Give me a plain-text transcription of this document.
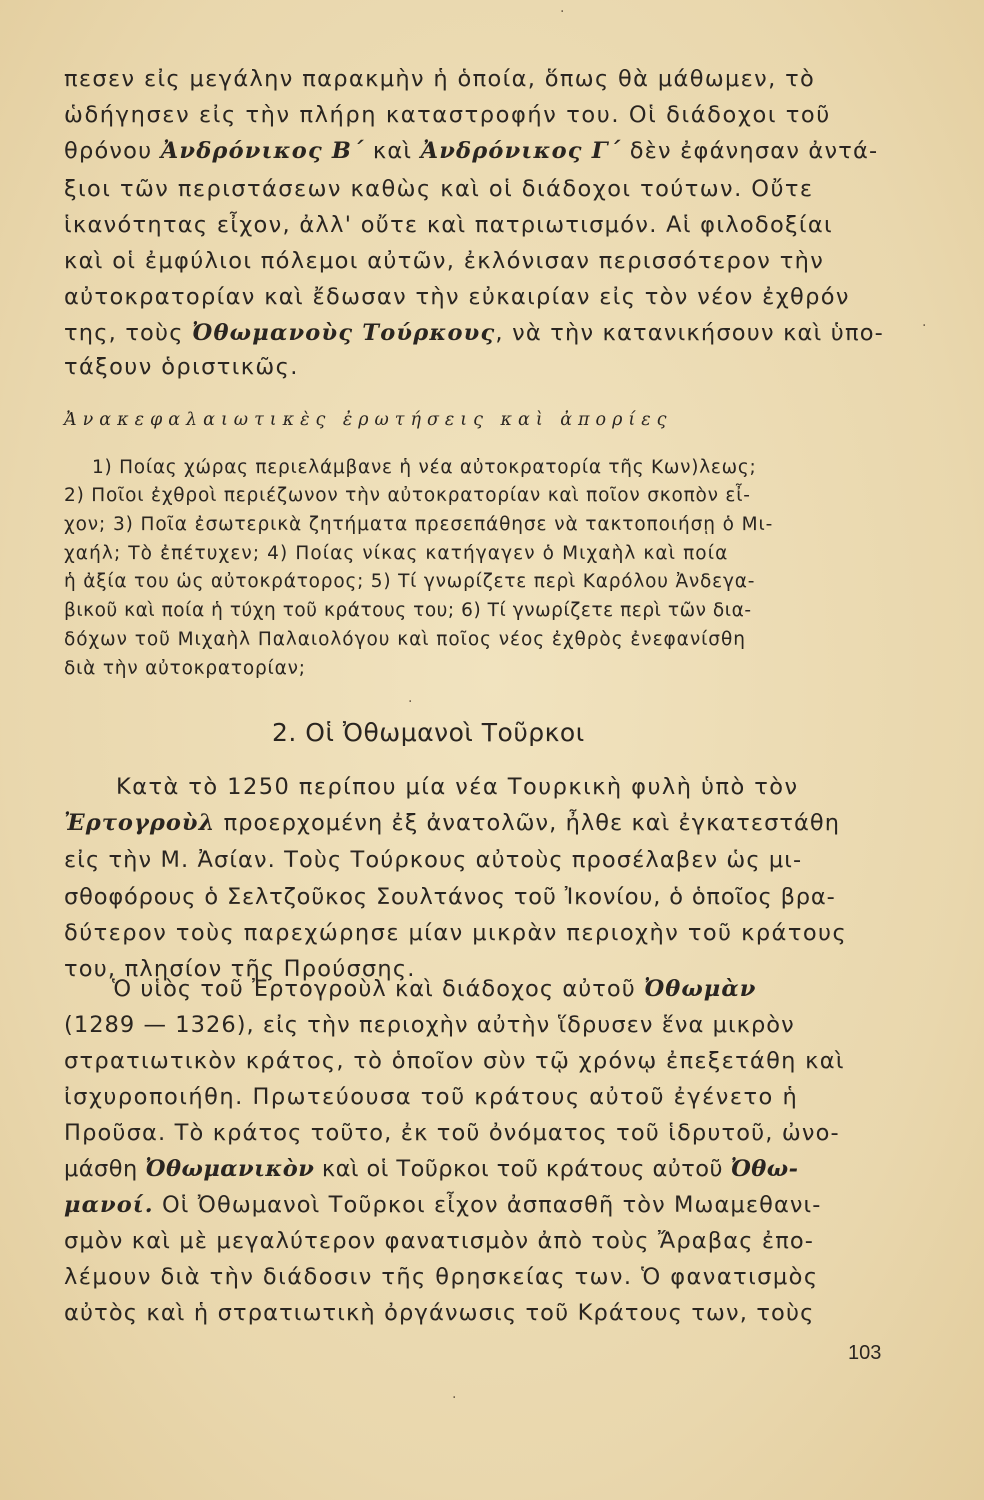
πεσεν εἰς μεγάλην παρακμὴν ἡ ὁποία, ὅπως θὰ μάθωμεν, τὸ
ὡδήγησεν εἰς τὴν πλήρη καταστροφήν του. Οἱ διάδοχοι τοῦ
θρόνου Ἀνδρόνικος Β΄ καὶ Ἀνδρόνικος Γ΄ δὲν ἐφάνησαν ἀντά-
ξιοι τῶν περιστάσεων καθὼς καὶ οἱ διάδοχοι τούτων. Οὔτε
ἱκανότητας εἶχον, ἀλλ' οὔτε καὶ πατριωτισμόν. Αἱ φιλοδοξίαι
καὶ οἱ ἐμφύλιοι πόλεμοι αὐτῶν, ἐκλόνισαν περισσότερον τὴν
αὐτοκρατορίαν καὶ ἔδωσαν τὴν εὐκαιρίαν εἰς τὸν νέον ἐχθρόν
της, τοὺς Ὀθωμανοὺς Τούρκους, νὰ τὴν κατανικήσουν καὶ ὑπο-
τάξουν ὁριστικῶς.
Ἀνακεφαλαιωτικὲς ἐρωτήσεις καὶ ἀπορίες
1) Ποίας χώρας περιελάμβανε ἡ νέα αὐτοκρατορία τῆς Κων)λεως;
2) Ποῖοι ἐχθροὶ περιέζωνον τὴν αὐτοκρατορίαν καὶ ποῖον σκοπὸν εἶ-
χον; 3) Ποῖα ἐσωτερικὰ ζητήματα πρεσεπάθησε νὰ τακτοποιήσῃ ὁ Μι-
χαήλ; Τὸ ἐπέτυχεν; 4) Ποίας νίκας κατήγαγεν ὁ Μιχαὴλ καὶ ποία
ἡ ἀξία του ὡς αὐτοκράτορος; 5) Τί γνωρίζετε περὶ Καρόλου Ἀνδεγα-
βικοῦ καὶ ποία ἡ τύχη τοῦ κράτους του; 6) Τί γνωρίζετε περὶ τῶν δια-
δόχων τοῦ Μιχαὴλ Παλαιολόγου καὶ ποῖος νέος ἐχθρὸς ἐνεφανίσθη
διὰ τὴν αὐτοκρατορίαν;
2. Οἱ Ὀθωμανοὶ Τοῦρκοι
Κατὰ τὸ 1250 περίπου μία νέα Τουρκικὴ φυλὴ ὑπὸ τὸν
Ἐρτογροὺλ προερχομένη ἐξ ἀνατολῶν, ἦλθε καὶ ἐγκατεστάθη
εἰς τὴν Μ. Ἀσίαν. Τοὺς Τούρκους αὐτοὺς προσέλαβεν ὡς μι-
σθοφόρους ὁ Σελτζοῦκος Σουλτάνος τοῦ Ἰκονίου, ὁ ὁποῖος βρα-
δύτερον τοὺς παρεχώρησε μίαν μικρὰν περιοχὴν τοῦ κράτους
του, πλησίον τῆς Προύσσης.
Ὁ υἱὸς τοῦ Ἐρτογροὺλ καὶ διάδοχος αὐτοῦ Ὀθωμὰν
(1289 — 1326), εἰς τὴν περιοχὴν αὐτὴν ἵδρυσεν ἕνα μικρὸν
στρατιωτικὸν κράτος, τὸ ὁποῖον σὺν τῷ χρόνῳ ἐπεξετάθη καὶ
ἰσχυροποιήθη. Πρωτεύουσα τοῦ κράτους αὐτοῦ ἐγένετο ἡ
Προῦσα. Τὸ κράτος τοῦτο, ἐκ τοῦ ὀνόματος τοῦ ἱδρυτοῦ, ὠνο-
μάσθη Ὀθωμανικὸν καὶ οἱ Τοῦρκοι τοῦ κράτους αὐτοῦ Ὀθω-
μανοί. Οἱ Ὀθωμανοὶ Τοῦρκοι εἶχον ἀσπασθῆ τὸν Μωαμεθανι-
σμὸν καὶ μὲ μεγαλύτερον φανατισμὸν ἀπὸ τοὺς Ἄραβας ἐπο-
λέμουν διὰ τὴν διάδοσιν τῆς θρησκείας των. Ὁ φανατισμὸς
αὐτὸς καὶ ἡ στρατιωτικὴ ὀργάνωσις τοῦ Κράτους των, τοὺς
103
·
·
·
·
